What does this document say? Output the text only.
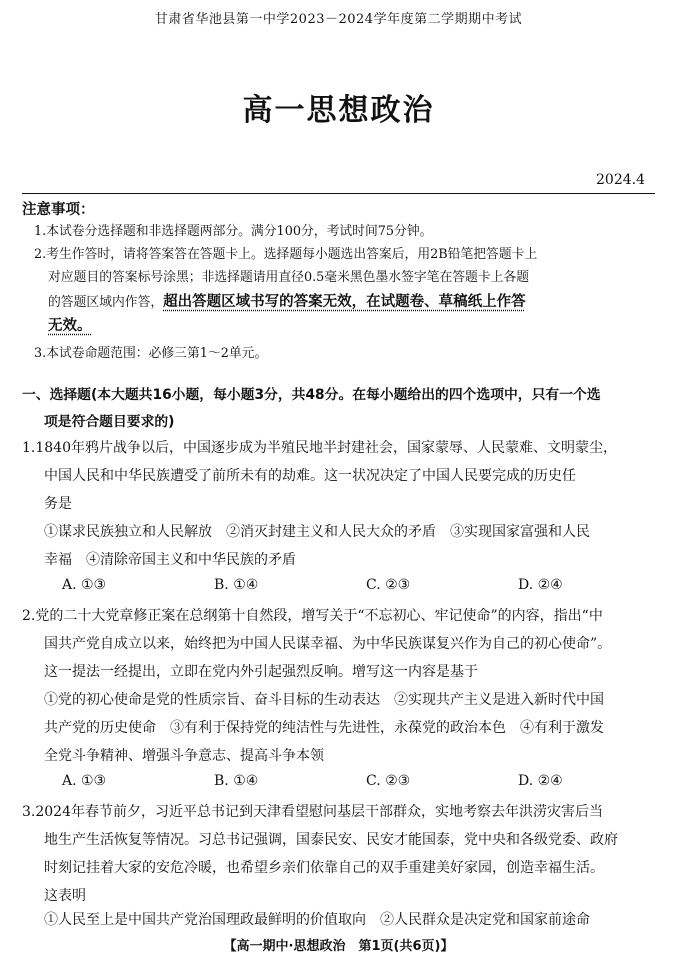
甘肃省华池县第一中学2023－2024学年度第二学期期中考试
高一思想政治
2024.4
注意事项：
1.本试卷分选择题和非选择题两部分。满分100分，考试时间75分钟。
2.考生作答时，请将答案答在答题卡上。选择题每小题选出答案后，用2B铅笔把答题卡上
对应题目的答案标号涂黑；非选择题请用直径0.5毫米黑色墨水签字笔在答题卡上各题
的答题区域内作答，超出答题区域书写的答案无效，在试题卷、草稿纸上作答
无效。
3.本试卷命题范围：必修三第1～2单元。
一、选择题(本大题共16小题，每小题3分，共48分。在每小题给出的四个选项中，只有一个选
项是符合题目要求的)
1.1840年鸦片战争以后，中国逐步成为半殖民地半封建社会，国家蒙辱、人民蒙难、文明蒙尘，
中国人民和中华民族遭受了前所未有的劫难。这一状况决定了中国人民要完成的历史任
务是
①谋求民族独立和人民解放　②消灭封建主义和人民大众的矛盾　③实现国家富强和人民
幸福　④清除帝国主义和中华民族的矛盾
A. ①③	B. ①④	C. ②③	D. ②④
2.党的二十大党章修正案在总纲第十自然段，增写关于“不忘初心、牢记使命”的内容，指出“中
国共产党自成立以来，始终把为中国人民谋幸福、为中华民族谋复兴作为自己的初心使命”。
这一提法一经提出，立即在党内外引起强烈反响。增写这一内容是基于
①党的初心使命是党的性质宗旨、奋斗目标的生动表达　②实现共产主义是进入新时代中国
共产党的历史使命　③有利于保持党的纯洁性与先进性，永葆党的政治本色　④有利于激发
全党斗争精神、增强斗争意志、提高斗争本领
A. ①③	B. ①④	C. ②③	D. ②④
3.2024年春节前夕，习近平总书记到天津看望慰问基层干部群众，实地考察去年洪涝灾害后当
地生产生活恢复等情况。习总书记强调，国泰民安、民安才能国泰，党中央和各级党委、政府
时刻记挂着大家的安危冷暖，也希望乡亲们依靠自己的双手重建美好家园，创造幸福生活。
这表明
①人民至上是中国共产党治国理政最鲜明的价值取向　②人民群众是决定党和国家前途命
【高一期中·思想政治　第1页(共6页)】
